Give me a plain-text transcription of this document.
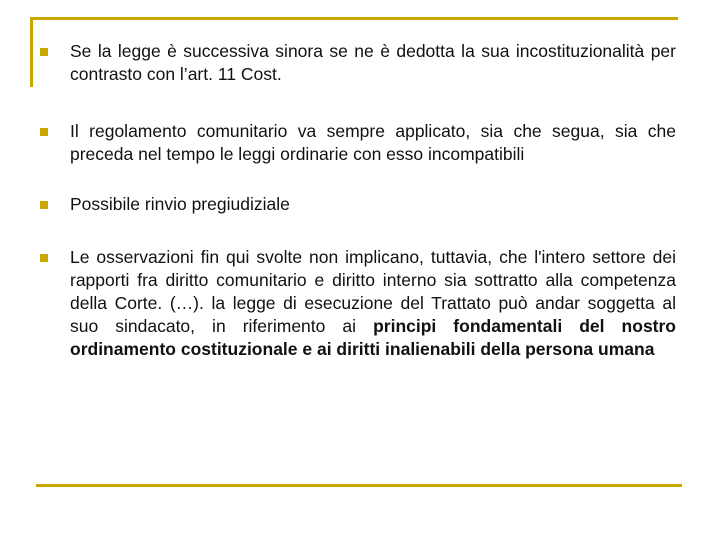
Se la legge è successiva sinora se ne è dedotta la sua incostituzionalità per contrasto con l’art. 11 Cost.
Il regolamento comunitario va sempre applicato, sia che segua, sia che preceda nel tempo le leggi ordinarie con esso incompatibili
Possibile rinvio pregiudiziale
Le osservazioni fin qui svolte non implicano, tuttavia, che l'intero settore dei rapporti fra diritto comunitario e diritto interno sia sottratto alla competenza della Corte. (…). la legge di esecuzione del Trattato può andar soggetta al suo sindacato, in riferimento ai principi fondamentali del nostro ordinamento costituzionale e ai diritti inalienabili della persona umana
